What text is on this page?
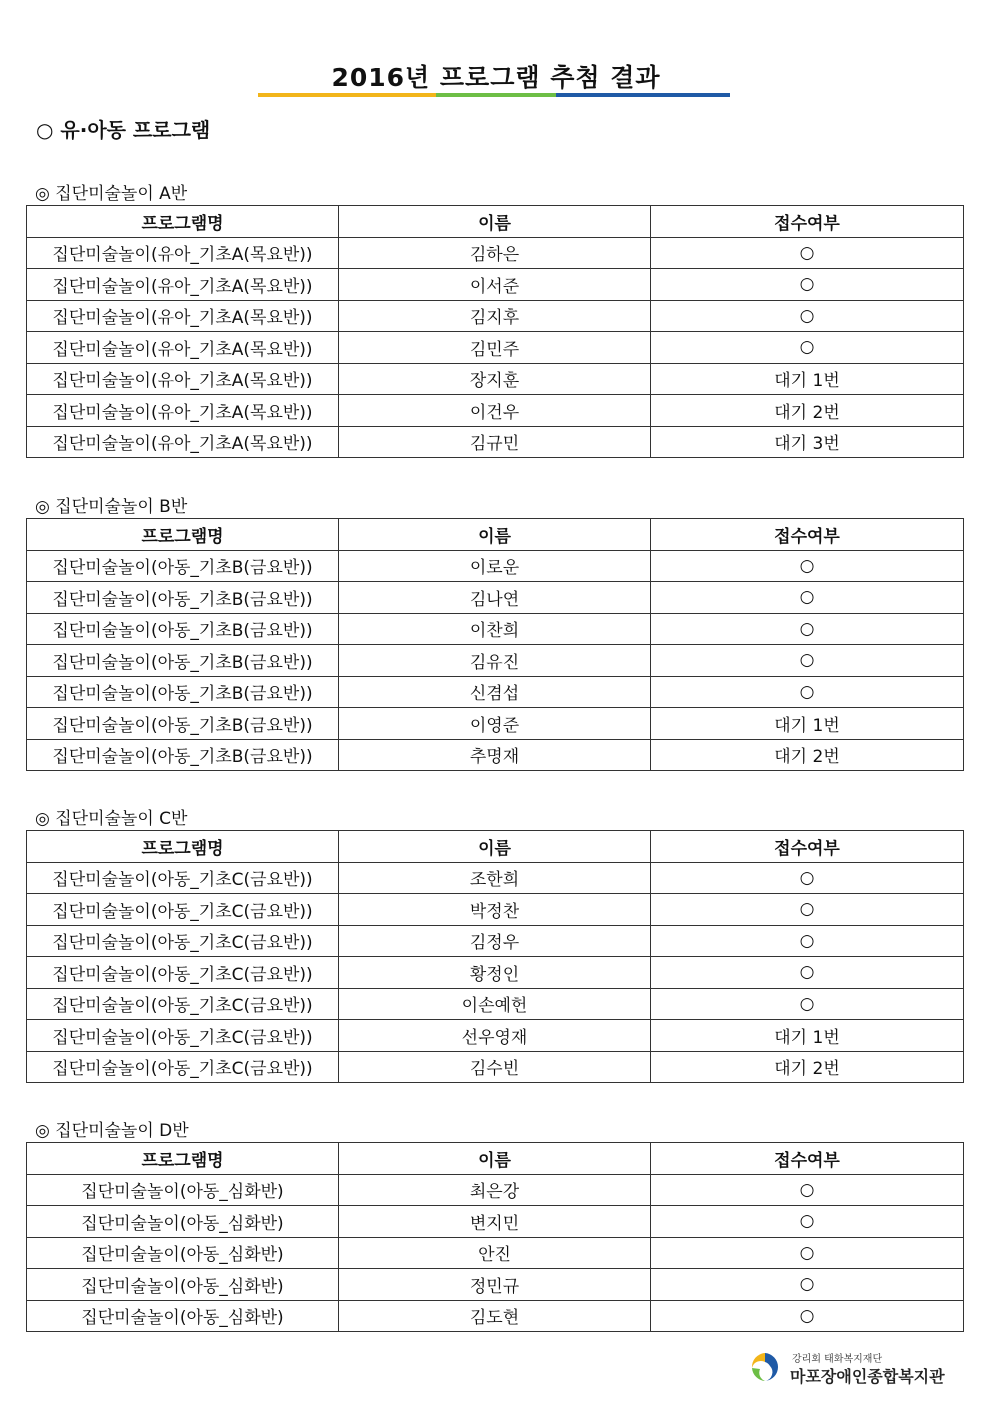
2016년 프로그램 추첨 결과
○ 유·아동 프로그램
◎ 집단미술놀이 A반
프로그램명	이름	접수여부
집단미술놀이(유아_기초A(목요반))	김하은	○
집단미술놀이(유아_기초A(목요반))	이서준	○
집단미술놀이(유아_기초A(목요반))	김지후	○
집단미술놀이(유아_기초A(목요반))	김민주	○
집단미술놀이(유아_기초A(목요반))	장지훈	대기 1번
집단미술놀이(유아_기초A(목요반))	이건우	대기 2번
집단미술놀이(유아_기초A(목요반))	김규민	대기 3번
◎ 집단미술놀이 B반
프로그램명	이름	접수여부
집단미술놀이(아동_기초B(금요반))	이로운	○
집단미술놀이(아동_기초B(금요반))	김나연	○
집단미술놀이(아동_기초B(금요반))	이찬희	○
집단미술놀이(아동_기초B(금요반))	김유진	○
집단미술놀이(아동_기초B(금요반))	신겸섭	○
집단미술놀이(아동_기초B(금요반))	이영준	대기 1번
집단미술놀이(아동_기초B(금요반))	추명재	대기 2번
◎ 집단미술놀이 C반
프로그램명	이름	접수여부
집단미술놀이(아동_기초C(금요반))	조한희	○
집단미술놀이(아동_기초C(금요반))	박정찬	○
집단미술놀이(아동_기초C(금요반))	김정우	○
집단미술놀이(아동_기초C(금요반))	황정인	○
집단미술놀이(아동_기초C(금요반))	이손예헌	○
집단미술놀이(아동_기초C(금요반))	선우영재	대기 1번
집단미술놀이(아동_기초C(금요반))	김수빈	대기 2번
◎ 집단미술놀이 D반
프로그램명	이름	접수여부
집단미술놀이(아동_심화반)	최은강	○
집단미술놀이(아동_심화반)	변지민	○
집단미술놀이(아동_심화반)	안진	○
집단미술놀이(아동_심화반)	정민규	○
집단미술놀이(아동_심화반)	김도현	○
강리회 태화복지재단
마포장애인종합복지관
